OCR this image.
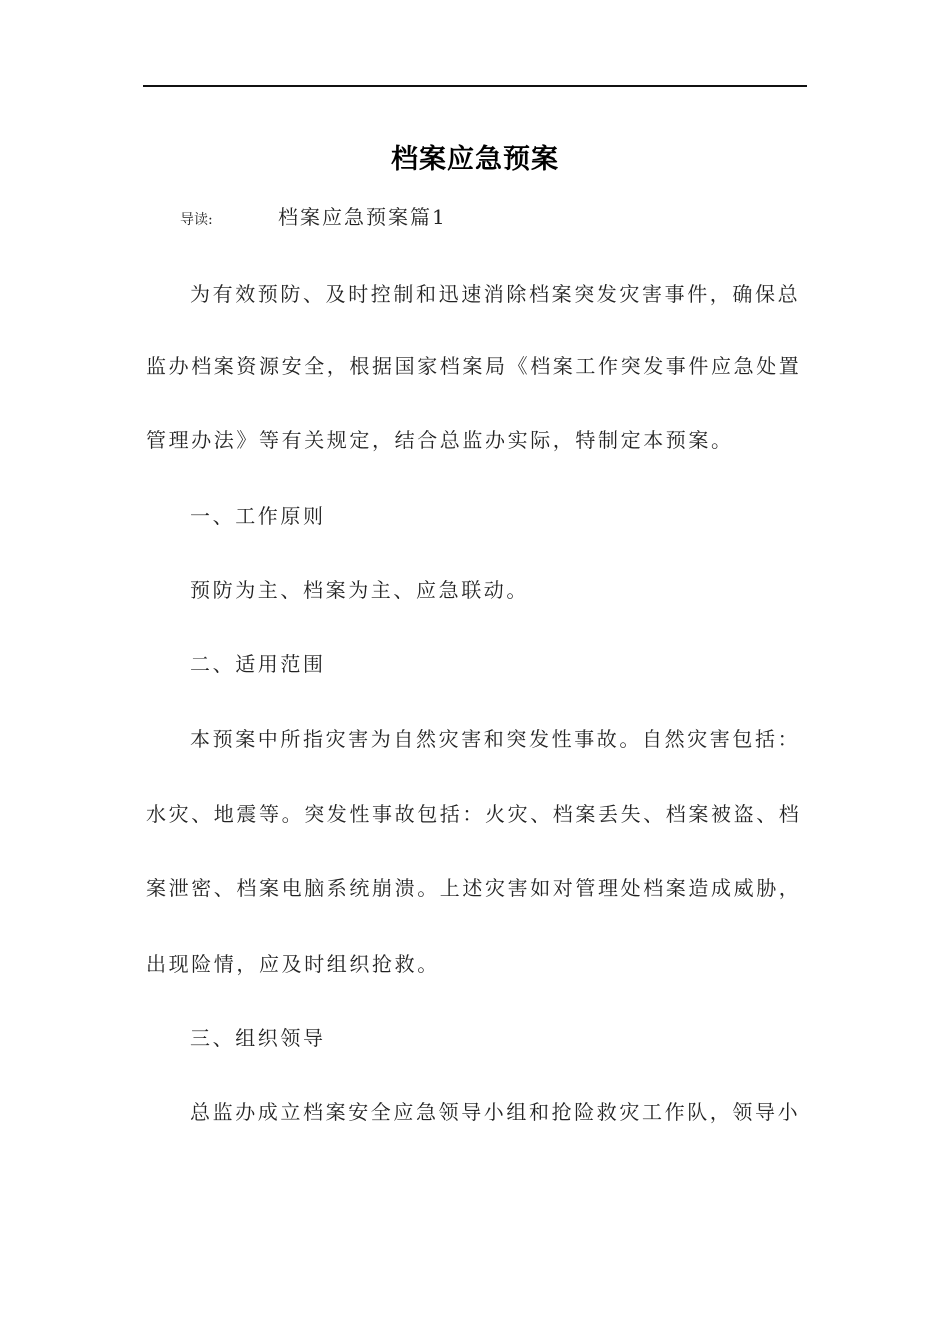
档案应急预案
导读:	档案应急预案篇1

为有效预防、及时控制和迅速消除档案突发灾害事件，确保总

监办档案资源安全，根据国家档案局《档案工作突发事件应急处置

管理办法》等有关规定，结合总监办实际，特制定本预案。

一、工作原则

预防为主、档案为主、应急联动。

二、适用范围

本预案中所指灾害为自然灾害和突发性事故。自然灾害包括：

水灾、地震等。突发性事故包括：火灾、档案丢失、档案被盗、档

案泄密、档案电脑系统崩溃。上述灾害如对管理处档案造成威胁，

出现险情，应及时组织抢救。

三、组织领导

总监办成立档案安全应急领导小组和抢险救灾工作队，领导小
